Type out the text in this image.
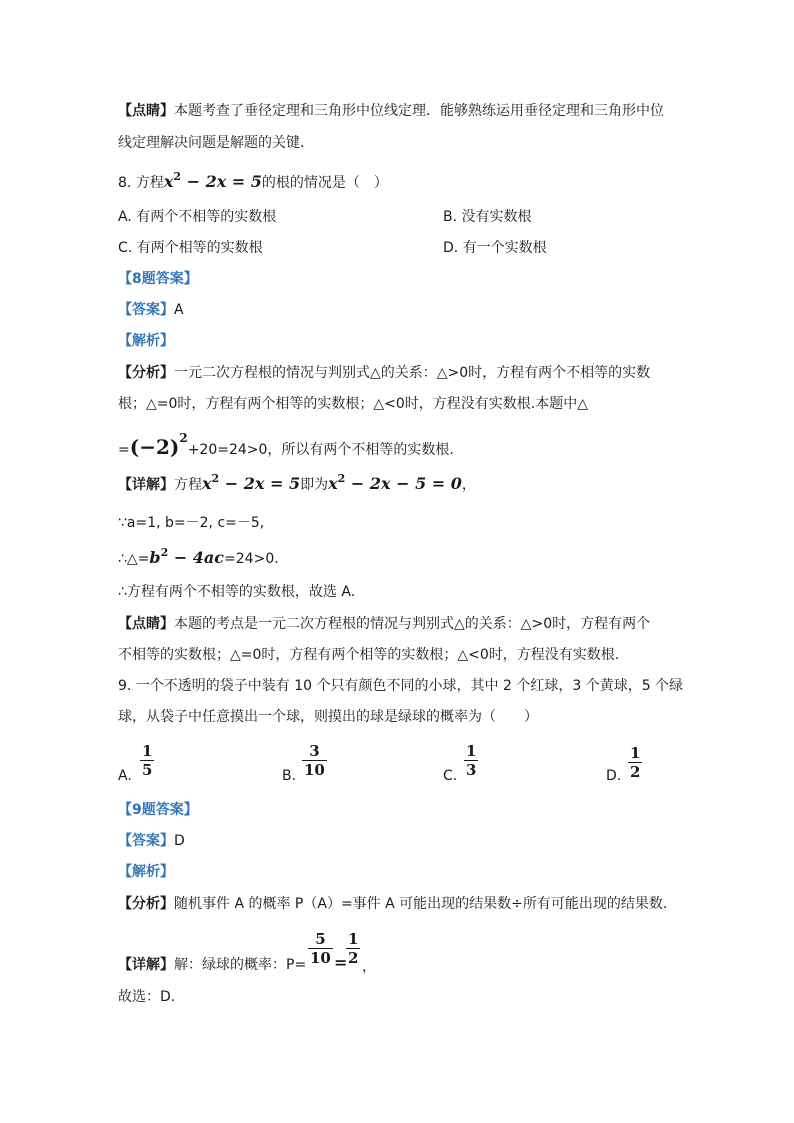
【点睛】本题考查了垂径定理和三角形中位线定理．能够熟练运用垂径定理和三角形中位
线定理解决问题是解题的关键．
8. 方程$x^2 - 2x = 5$的根的情况是（　）
A. 有两个不相等的实数根	B. 没有实数根
C. 有两个相等的实数根	D. 有一个实数根
【8题答案】
【答案】A
【解析】
【分析】一元二次方程根的情况与判别式△的关系：△>0时，方程有两个不相等的实数
根；△=0时，方程有两个相等的实数根；△<0时，方程没有实数根.本题中△
$=(-2)^2+20=24>0$，所以有两个不相等的实数根.
【详解】方程$x^2 - 2x = 5$即为$x^2 - 2x - 5 = 0$，
∵a=1, b=－2, c=－5,
$\therefore\triangle=b^2 - 4ac=24>0$.
∴方程有两个不相等的实数根，故选 A.
【点睛】本题的考点是一元二次方程根的情况与判别式△的关系：△>0时，方程有两个
不相等的实数根；△=0时，方程有两个相等的实数根；△<0时，方程没有实数根.
9. 一个不透明的袋子中装有 10 个只有颜色不同的小球，其中 2 个红球，3 个黄球，5 个绿
球，从袋子中任意摸出一个球，则摸出的球是绿球的概率为（　　）
A.
1
5	B.
3
10	C.
1
3	D.
1
2
【9题答案】
【答案】D
【解析】
【分析】随机事件 A 的概率 P（A）=事件 A 可能出现的结果数÷所有可能出现的结果数.
【详解】解：绿球的概率：P=
5
10 =
1
2 ，
故选：D.
